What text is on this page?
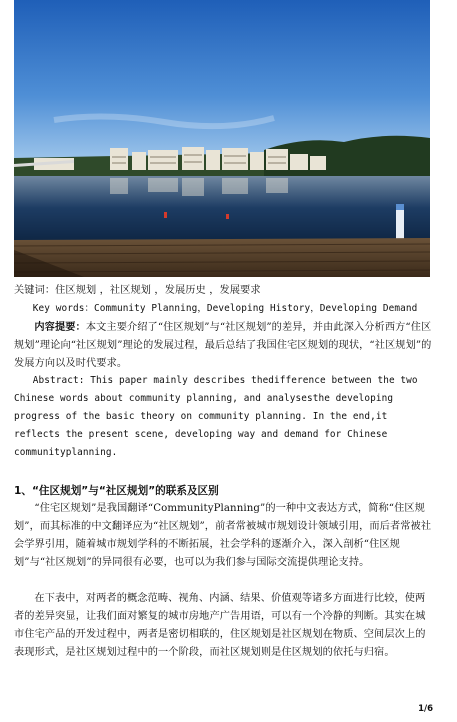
关键词：住区规划 ，社区规划 ，发展历史 ，发展要求

Key words：Community Planning，Developing History，Developing Demand

内容提要：本文主要介绍了“住区规划”与“社区规划”的差异，并由此深入分析西方“住区规划”理论向“社区规划”理论的发展过程，最后总结了我国住宅区规划的现状，“社区规划”的发展方向以及时代要求。

Abstract: This paper mainly describes thedifference between the two Chinese words about community planning, and analysesthe developing progress of the basic theory on community planning. In the end,it reflects the present scene, developing way and demand for Chinese communityplanning.

1、“住区规划”与“社区规划”的联系及区别

“住宅区规划”是我国翻译“CommunityPlanning”的一种中文表达方式，简称“住区规划”，而其标准的中文翻译应为“社区规划”，前者常被城市规划设计领域引用，而后者常被社会学界引用，随着城市规划学科的不断拓展，社会学科的逐渐介入，深入剖析“住区规划”与“社区规划”的异同很有必要，也可以为我们参与国际交流提供理论支持。

在下表中，对两者的概念范畴、视角、内涵、结果、价值观等诸多方面进行比较，使两者的差异突显，让我们面对繁复的城市房地产广告用语，可以有一个冷静的判断。其实在城市住宅产品的开发过程中，两者是密切相联的，住区规划是社区规划在物质、空间层次上的表现形式，是社区规划过程中的一个阶段，而社区规划则是住区规划的依托与归宿。

1/6
